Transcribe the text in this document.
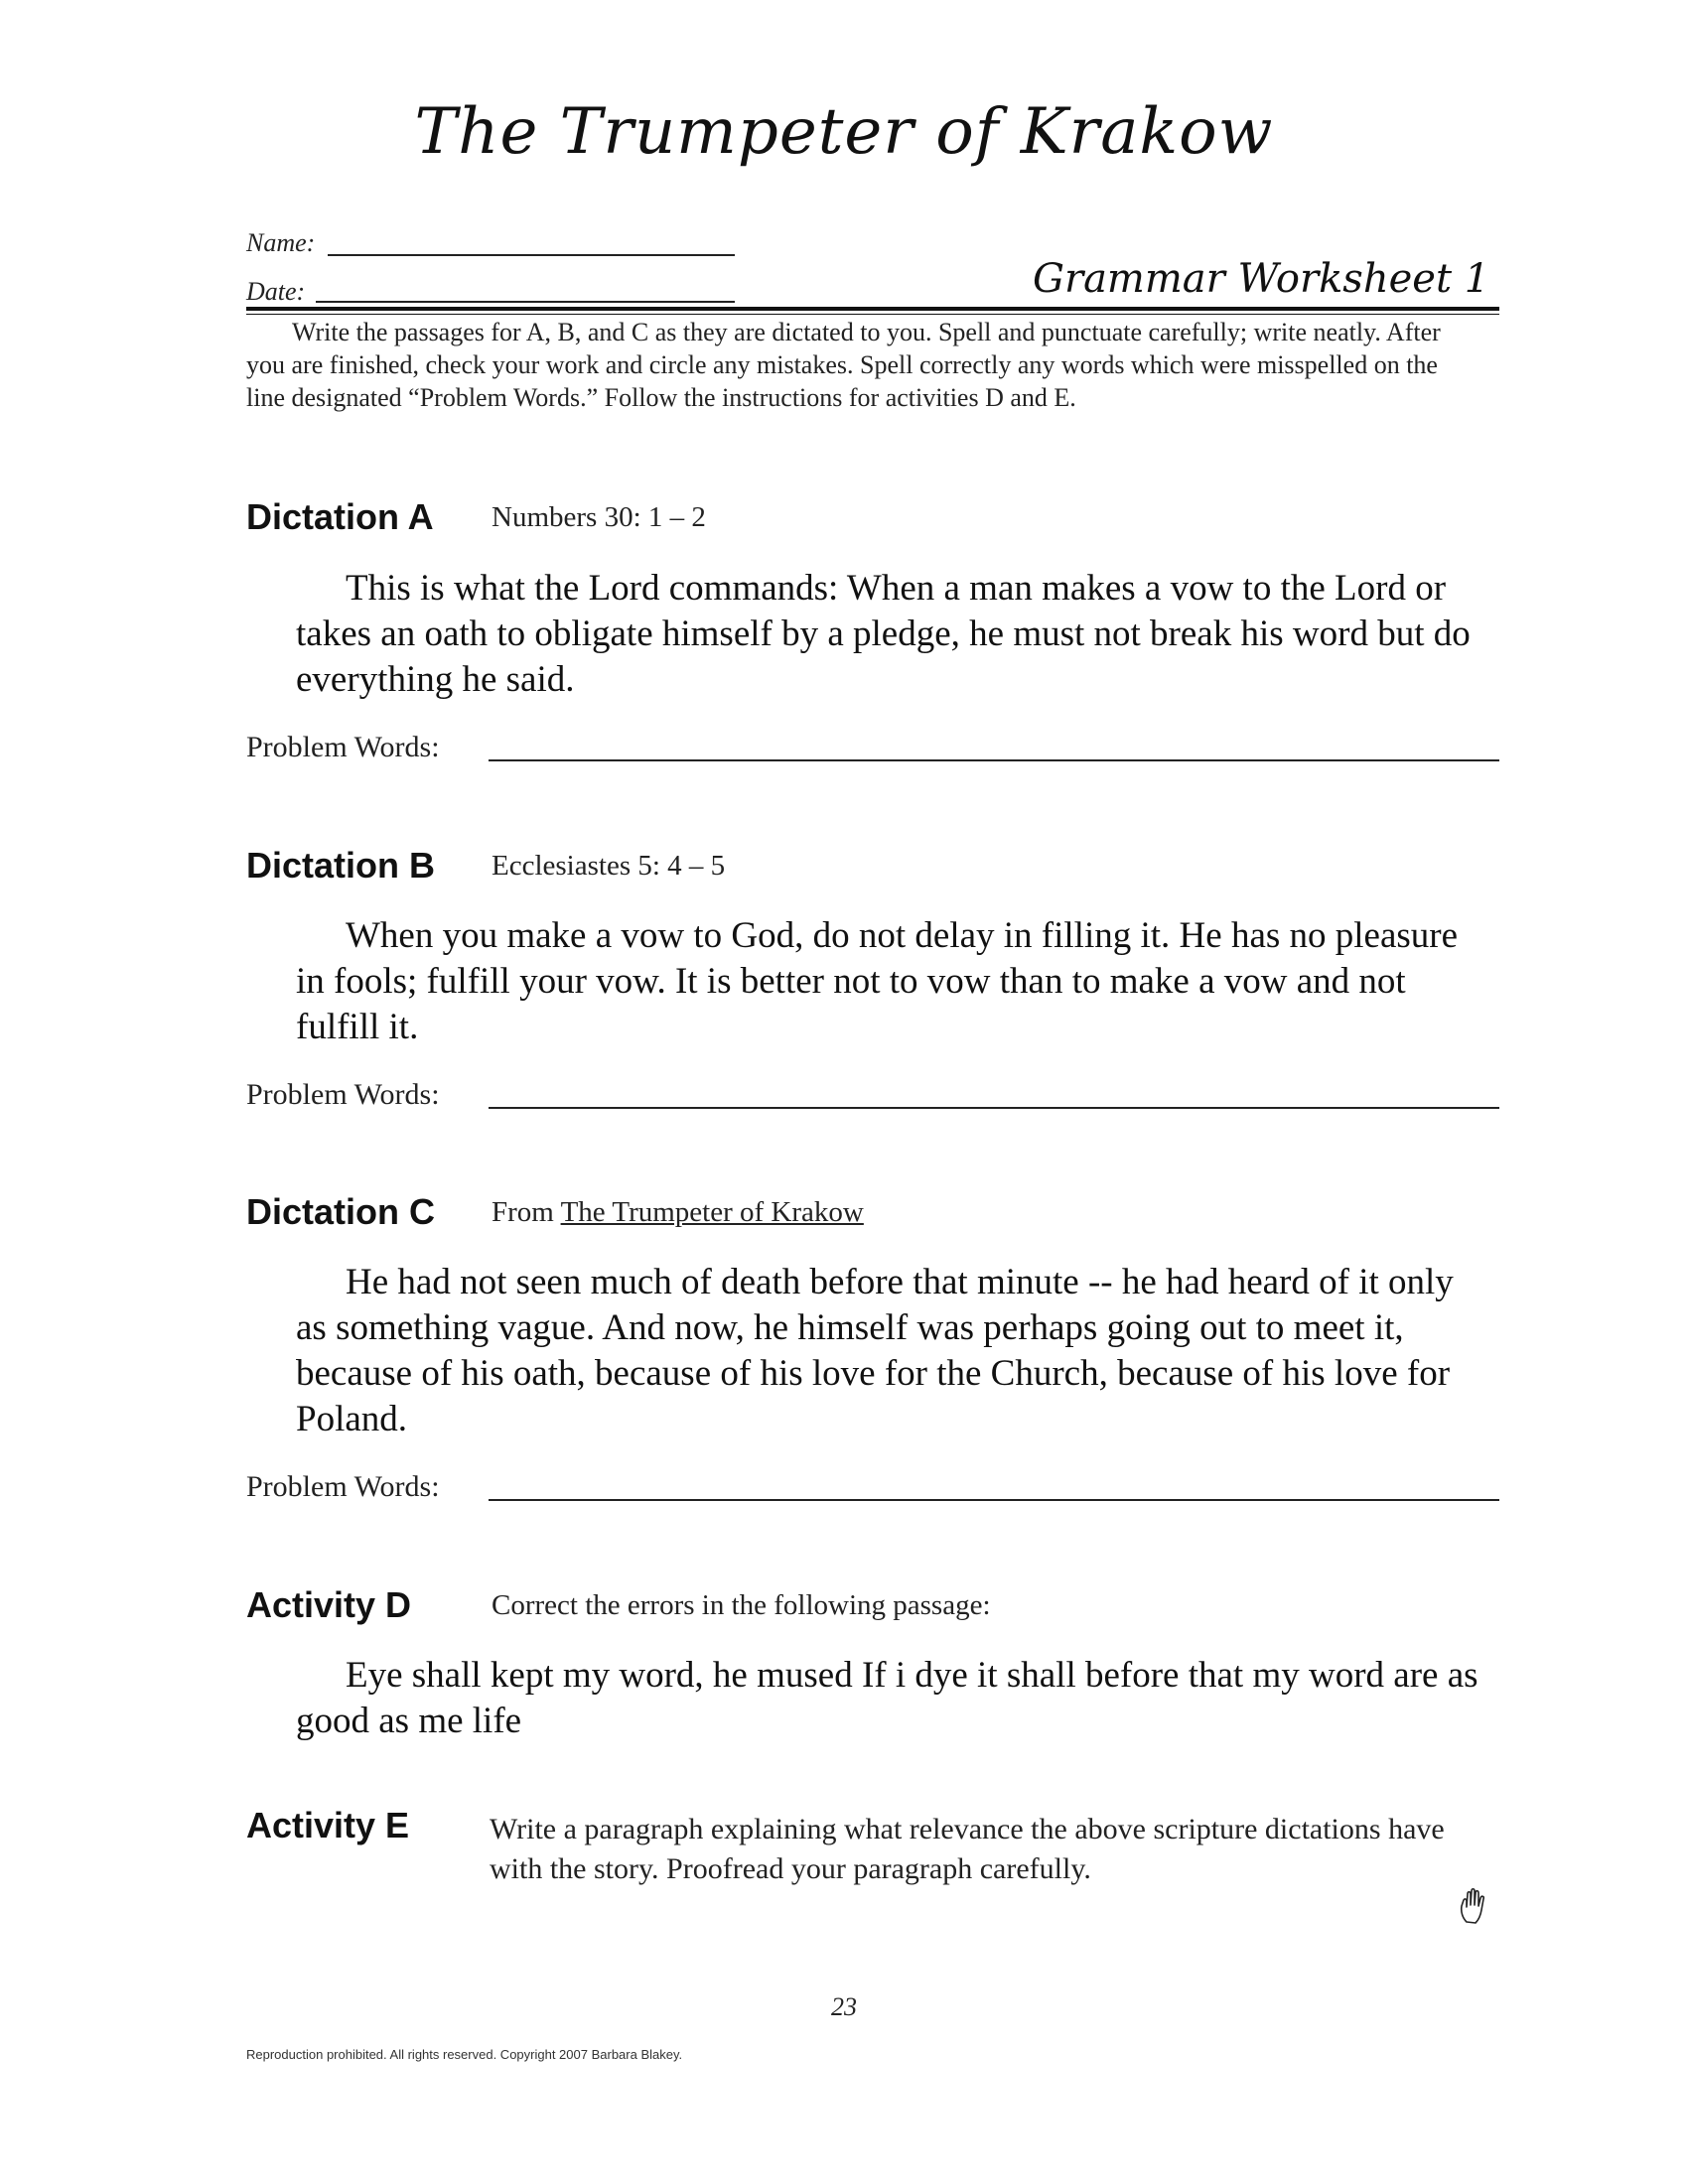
The Trumpeter of Krakow
Name:
Date:	Grammar Worksheet 1
Write the passages for A, B, and C as they are dictated to you. Spell and punctuate carefully; write neatly. After you are finished, check your work and circle any mistakes. Spell correctly any words which were misspelled on the line designated “Problem Words.” Follow the instructions for activities D and E.
Dictation A Numbers 30: 1 – 2
This is what the Lord commands: When a man makes a vow to the Lord or takes an oath to obligate himself by a pledge, he must not break his word but do everything he said.
Problem Words:
Dictation B Ecclesiastes 5: 4 – 5
When you make a vow to God, do not delay in filling it. He has no pleasure in fools; fulfill your vow. It is better not to vow than to make a vow and not fulfill it.
Problem Words:
Dictation C From The Trumpeter of Krakow
He had not seen much of death before that minute -- he had heard of it only as something vague. And now, he himself was perhaps going out to meet it, because of his oath, because of his love for the Church, because of his love for Poland.
Problem Words:
Activity D	Correct the errors in the following passage:
Eye shall kept my word, he mused If i dye it shall before that my word are as good as me life
Activity E	Write a paragraph explaining what relevance the above scripture dictations have with the story. Proofread your paragraph carefully.
23
Reproduction prohibited. All rights reserved. Copyright 2007 Barbara Blakey.
